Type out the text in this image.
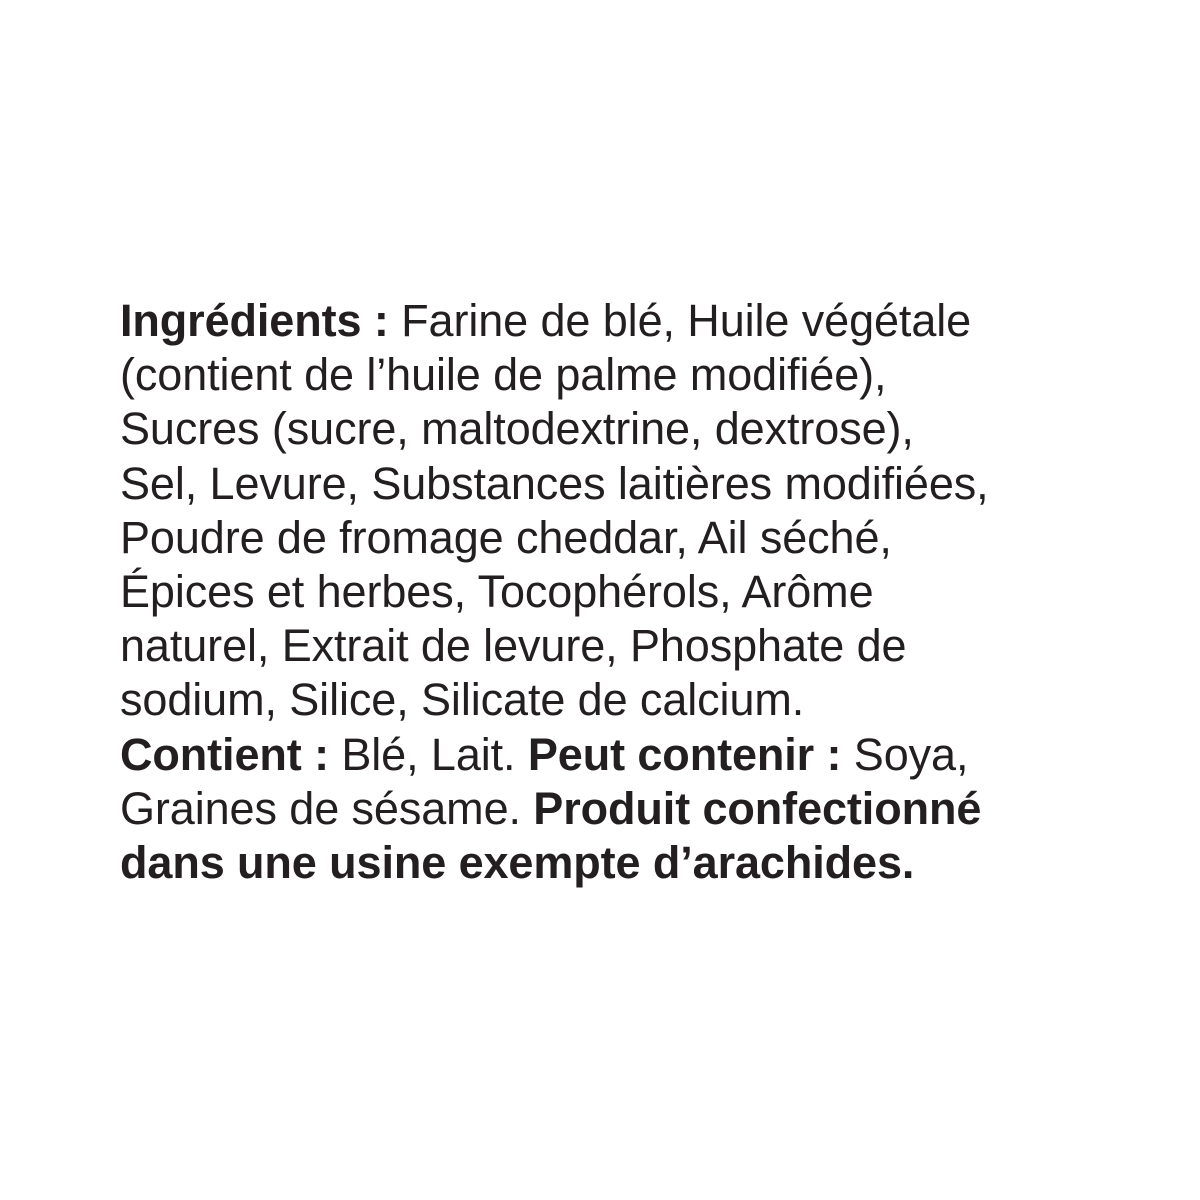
Ingrédients : Farine de blé, Huile végétale
(contient de l’huile de palme modifiée),
Sucres (sucre, maltodextrine, dextrose),
Sel, Levure, Substances laitières modifiées,
Poudre de fromage cheddar, Ail séché,
Épices et herbes, Tocophérols, Arôme
naturel, Extrait de levure, Phosphate de
sodium, Silice, Silicate de calcium.
Contient : Blé, Lait. Peut contenir : Soya,
Graines de sésame. Produit confectionné
dans une usine exempte d’arachides.
